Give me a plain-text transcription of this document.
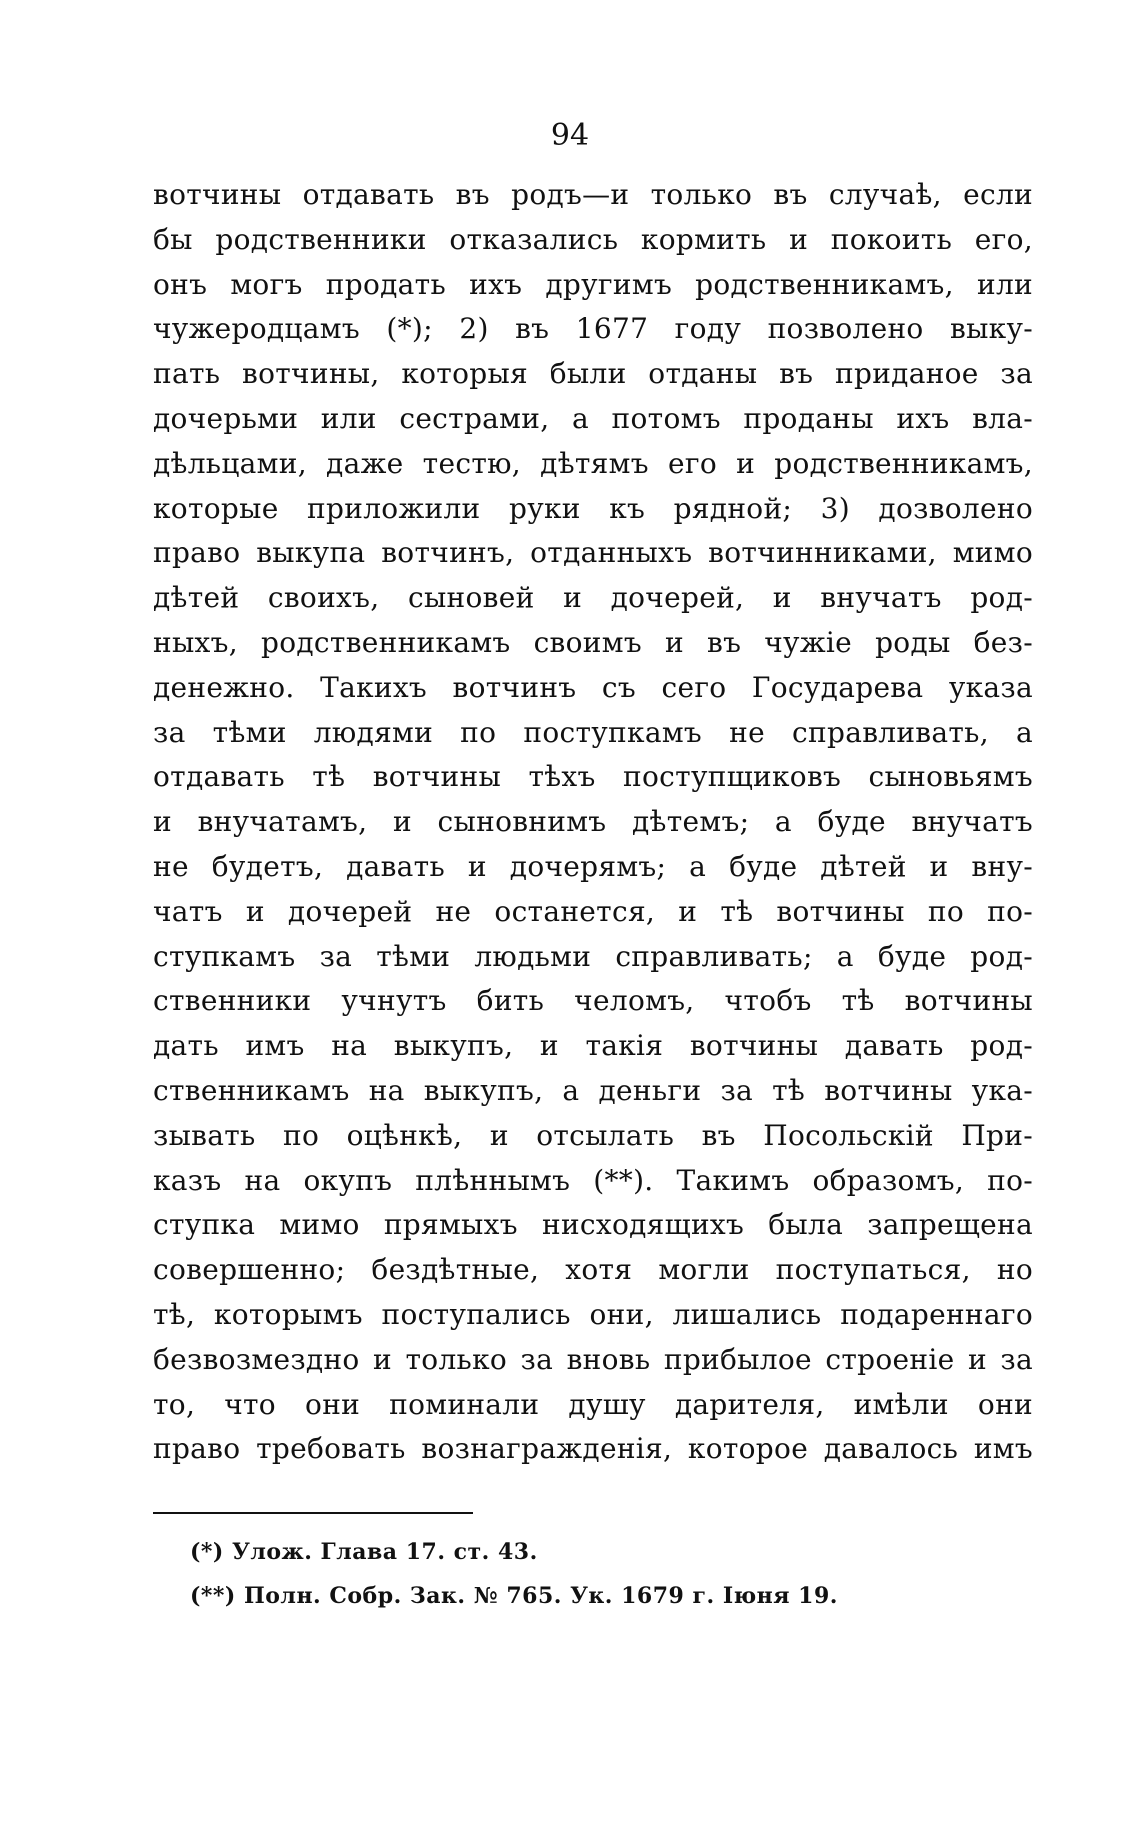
94
вотчины отдавать въ родъ—и только въ случаѣ, если
бы родственники отказались кормить и покоить его,
онъ могъ продать ихъ другимъ родственникамъ, или
чужеродцамъ (*); 2) въ 1677 году позволено выку-
пать вотчины, которыя были отданы въ приданое за
дочерьми или сестрами, а потомъ проданы ихъ вла-
дѣльцами, даже тестю, дѣтямъ его и родственникамъ,
которые приложили руки къ рядной; 3) дозволено
право выкупа вотчинъ, отданныхъ вотчинниками, мимо
дѣтей своихъ, сыновей и дочерей, и внучатъ род-
ныхъ, родственникамъ своимъ и въ чужіе роды без-
денежно. Такихъ вотчинъ съ сего Государева указа
за тѣми людями по поступкамъ не справливать, а
отдавать тѣ вотчины тѣхъ поступщиковъ сыновьямъ
и внучатамъ, и сыновнимъ дѣтемъ; а буде внучатъ
не будетъ, давать и дочерямъ; а буде дѣтей и вну-
чатъ и дочерей не останется, и тѣ вотчины по по-
ступкамъ за тѣми людьми справливать; а буде род-
ственники учнутъ бить челомъ, чтобъ тѣ вотчины
дать имъ на выкупъ, и такія вотчины давать род-
ственникамъ на выкупъ, а деньги за тѣ вотчины ука-
зывать по оцѣнкѣ, и отсылать въ Посольскій При-
казъ на окупъ плѣннымъ (**). Такимъ образомъ, по-
ступка мимо прямыхъ нисходящихъ была запрещена
совершенно; бездѣтные, хотя могли поступаться, но
тѣ, которымъ поступались они, лишались подареннаго
безвозмездно и только за вновь прибылое строеніе и за
то, что они поминали душу дарителя, имѣли они
право требовать вознагражденія, которое давалось имъ
(*) Улож. Глава 17. ст. 43.
(**) Полн. Собр. Зак. № 765. Ук. 1679 г. Іюня 19.
